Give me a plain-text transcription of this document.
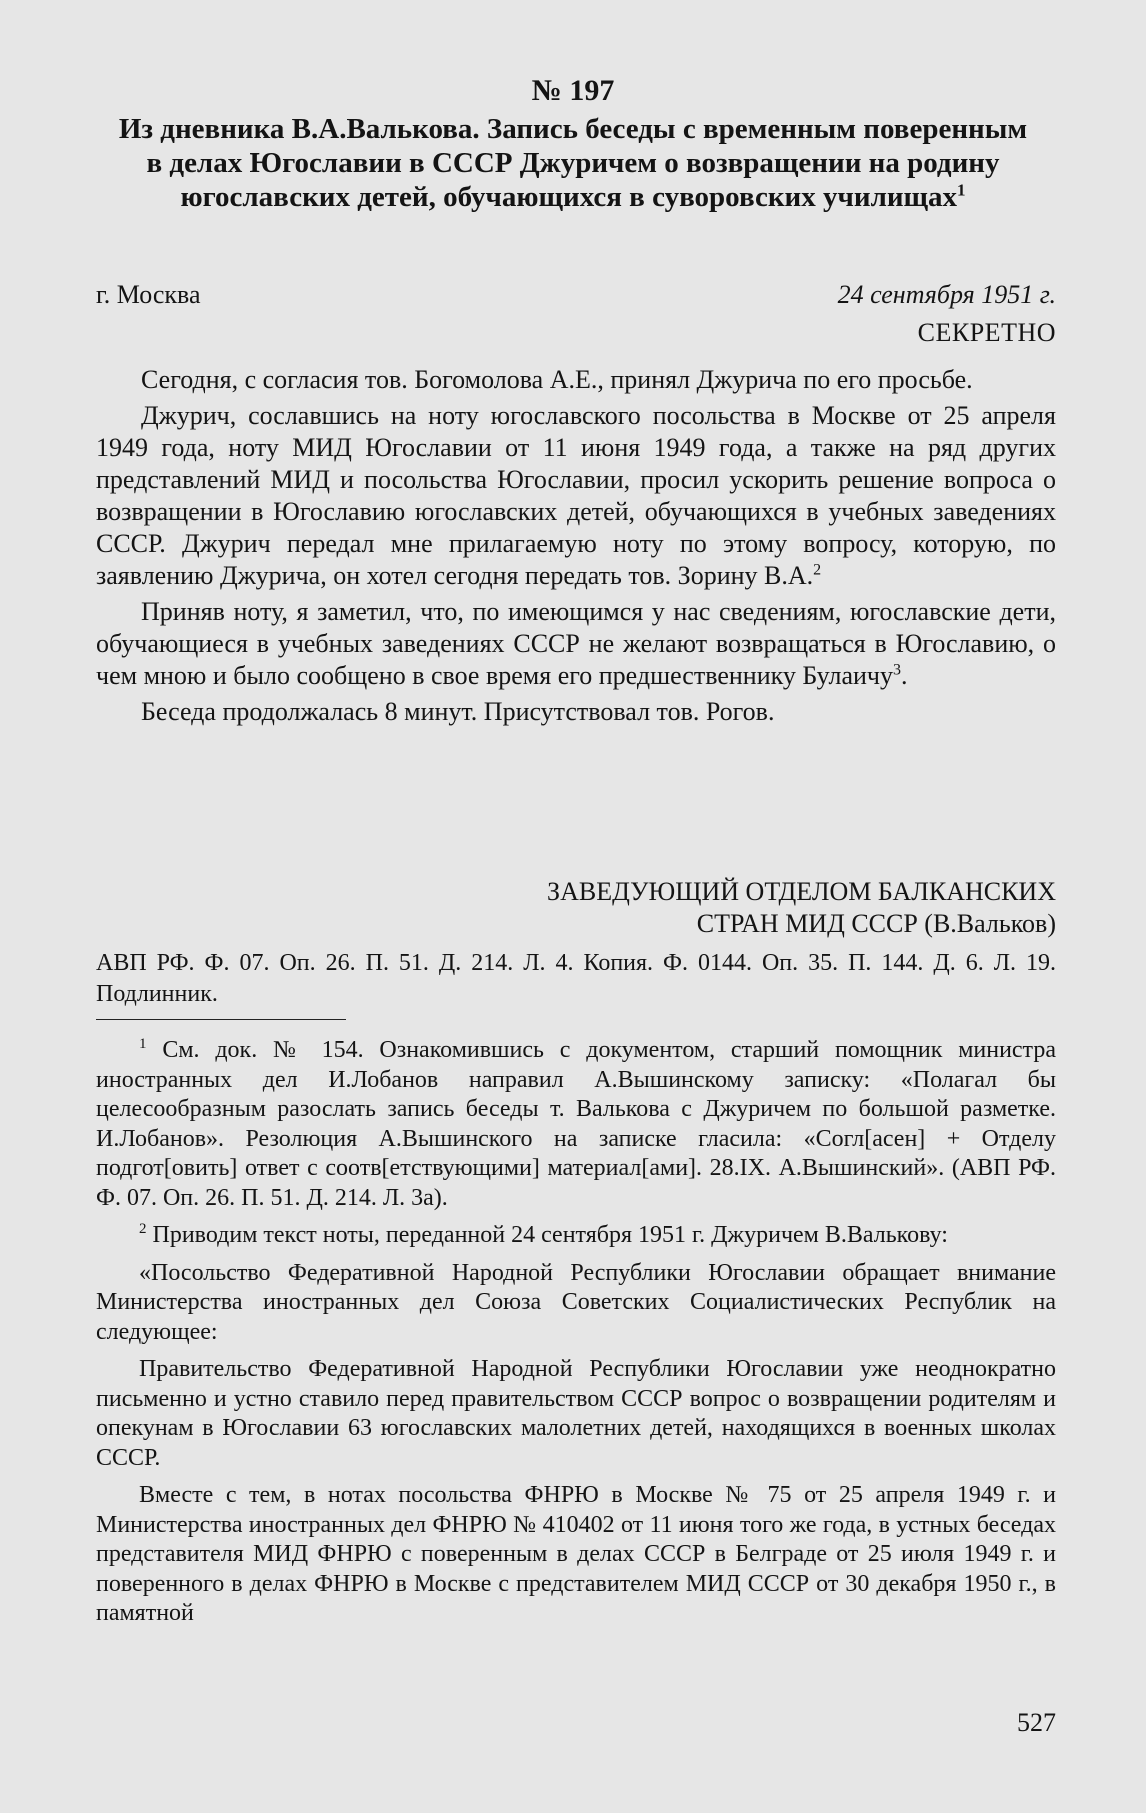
№ 197
Из дневника В.А.Валькова. Запись беседы с временным поверенным в делах Югославии в СССР Джуричем о возвращении на родину югославских детей, обучающихся в суворовских училищах$^1$
г. Москва	24 сентября 1951 г.
СЕКРЕТНО

Сегодня, с согласия тов. Богомолова А.Е., принял Джурича по его просьбе.

Джурич, сославшись на ноту югославского посольства в Москве от 25 апреля 1949 года, ноту МИД Югославии от 11 июня 1949 года, а также на ряд других представлений МИД и посольства Югославии, просил ускорить решение вопроса о возвращении в Югославию югославских детей, обучающихся в учебных заведениях СССР. Джурич передал мне прилагаемую ноту по этому вопросу, которую, по заявлению Джурича, он хотел сегодня передать тов. Зорину В.А.$^2$

Приняв ноту, я заметил, что, по имеющимся у нас сведениям, югославские дети, обучающиеся в учебных заведениях СССР не желают возвращаться в Югославию, о чем мною и было сообщено в свое время его предшественнику Булаичу$^3$.

Беседа продолжалась 8 минут. Присутствовал тов. Рогов.

ЗАВЕДУЮЩИЙ ОТДЕЛОМ БАЛКАНСКИХ
СТРАН МИД СССР (В.Вальков)
АВП РФ. Ф. 07. Оп. 26. П. 51. Д. 214. Л. 4. Копия. Ф. 0144. Оп. 35. П. 144. Д. 6. Л. 19. Подлинник.

$^1$ См. док. № 154. Ознакомившись с документом, старший помощник министра иностранных дел И.Лобанов направил А.Вышинскому записку: «Полагал бы целесообразным разослать запись беседы т. Валькова с Джуричем по большой разметке. И.Лобанов». Резолюция А.Вышинского на записке гласила: «Согл[асен] + Отделу подгот[овить] ответ с соотв[етствующими] материал[ами]. 28.IX. А.Вышинский». (АВП РФ. Ф. 07. Оп. 26. П. 51. Д. 214. Л. 3а).

$^2$ Приводим текст ноты, переданной 24 сентября 1951 г. Джуричем В.Валькову:

«Посольство Федеративной Народной Республики Югославии обращает внимание Министерства иностранных дел Союза Советских Социалистических Республик на следующее:

Правительство Федеративной Народной Республики Югославии уже неоднократно письменно и устно ставило перед правительством СССР вопрос о возвращении родителям и опекунам в Югославии 63 югославских малолетних детей, находящихся в военных школах СССР.

Вместе с тем, в нотах посольства ФНРЮ в Москве № 75 от 25 апреля 1949 г. и Министерства иностранных дел ФНРЮ № 410402 от 11 июня того же года, в устных беседах представителя МИД ФНРЮ с поверенным в делах СССР в Белграде от 25 июля 1949 г. и поверенного в делах ФНРЮ в Москве с представителем МИД СССР от 30 декабря 1950 г., в памятной

527
